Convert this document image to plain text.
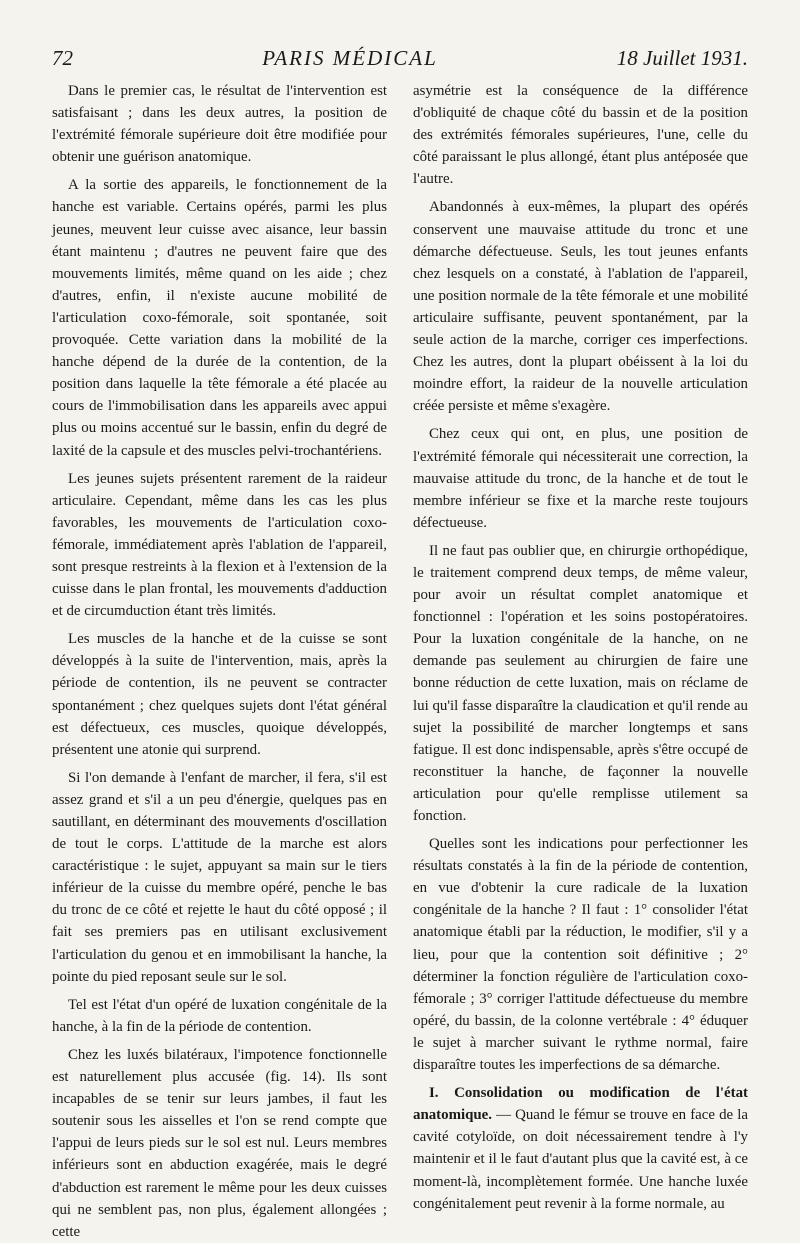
72	PARIS MÉDICAL	18 Juillet 1931.

Dans le premier cas, le résultat de l'intervention est satisfaisant ; dans les deux autres, la position de l'extrémité fémorale supérieure doit être modifiée pour obtenir une guérison anatomique.

A la sortie des appareils, le fonctionnement de la hanche est variable. Certains opérés, parmi les plus jeunes, meuvent leur cuisse avec aisance, leur bassin étant maintenu ; d'autres ne peuvent faire que des mouvements limités, même quand on les aide ; chez d'autres, enfin, il n'existe aucune mobilité de l'articulation coxo-fémorale, soit spontanée, soit provoquée. Cette variation dans la mobilité de la hanche dépend de la durée de la contention, de la position dans laquelle la tête fémorale a été placée au cours de l'immobilisation dans les appareils avec appui plus ou moins accentué sur le bassin, enfin du degré de laxité de la capsule et des muscles pelvi-trochantériens.

Les jeunes sujets présentent rarement de la raideur articulaire. Cependant, même dans les cas les plus favorables, les mouvements de l'articulation coxo-fémorale, immédiatement après l'ablation de l'appareil, sont presque restreints à la flexion et à l'extension de la cuisse dans le plan frontal, les mouvements d'adduction et de circumduction étant très limités.

Les muscles de la hanche et de la cuisse se sont développés à la suite de l'intervention, mais, après la période de contention, ils ne peuvent se contracter spontanément ; chez quelques sujets dont l'état général est défectueux, ces muscles, quoique développés, présentent une atonie qui surprend.

Si l'on demande à l'enfant de marcher, il fera, s'il est assez grand et s'il a un peu d'énergie, quelques pas en sautillant, en déterminant des mouvements d'oscillation de tout le corps. L'attitude de la marche est alors caractéristique : le sujet, appuyant sa main sur le tiers inférieur de la cuisse du membre opéré, penche le bas du tronc de ce côté et rejette le haut du côté opposé ; il fait ses premiers pas en utilisant exclusivement l'articulation du genou et en immobilisant la hanche, la pointe du pied reposant seule sur le sol.

Tel est l'état d'un opéré de luxation congénitale de la hanche, à la fin de la période de contention.

Chez les luxés bilatéraux, l'impotence fonctionnelle est naturellement plus accusée (fig. 14). Ils sont incapables de se tenir sur leurs jambes, il faut les soutenir sous les aisselles et l'on se rend compte que l'appui de leurs pieds sur le sol est nul. Leurs membres inférieurs sont en abduction exagérée, mais le degré d'abduction est rarement le même pour les deux cuisses qui ne semblent pas, non plus, également allongées ; cette

asymétrie est la conséquence de la différence d'obliquité de chaque côté du bassin et de la position des extrémités fémorales supérieures, l'une, celle du côté paraissant le plus allongé, étant plus antéposée que l'autre.

Abandonnés à eux-mêmes, la plupart des opérés conservent une mauvaise attitude du tronc et une démarche défectueuse. Seuls, les tout jeunes enfants chez lesquels on a constaté, à l'ablation de l'appareil, une position normale de la tête fémorale et une mobilité articulaire suffisante, peuvent spontanément, par la seule action de la marche, corriger ces imperfections. Chez les autres, dont la plupart obéissent à la loi du moindre effort, la raideur de la nouvelle articulation créée persiste et même s'exagère.

Chez ceux qui ont, en plus, une position de l'extrémité fémorale qui nécessiterait une correction, la mauvaise attitude du tronc, de la hanche et de tout le membre inférieur se fixe et la marche reste toujours défectueuse.

Il ne faut pas oublier que, en chirurgie orthopédique, le traitement comprend deux temps, de même valeur, pour avoir un résultat complet anatomique et fonctionnel : l'opération et les soins postopératoires. Pour la luxation congénitale de la hanche, on ne demande pas seulement au chirurgien de faire une bonne réduction de cette luxation, mais on réclame de lui qu'il fasse disparaître la claudication et qu'il rende au sujet la possibilité de marcher longtemps et sans fatigue. Il est donc indispensable, après s'être occupé de reconstituer la hanche, de façonner la nouvelle articulation pour qu'elle remplisse utilement sa fonction.

Quelles sont les indications pour perfectionner les résultats constatés à la fin de la période de contention, en vue d'obtenir la cure radicale de la luxation congénitale de la hanche ? Il faut : 1° consolider l'état anatomique établi par la réduction, le modifier, s'il y a lieu, pour que la contention soit définitive ; 2° déterminer la fonction régulière de l'articulation coxo-fémorale ; 3° corriger l'attitude défectueuse du membre opéré, du bassin, de la colonne vertébrale : 4° éduquer le sujet à marcher suivant le rythme normal, faire disparaître toutes les imperfections de sa démarche.

I. Consolidation ou modification de l'état anatomique. — Quand le fémur se trouve en face de la cavité cotyloïde, on doit nécessairement tendre à l'y maintenir et il le faut d'autant plus que la cavité est, à ce moment-là, incomplètement formée. Une hanche luxée congénitalement peut revenir à la forme normale, au
